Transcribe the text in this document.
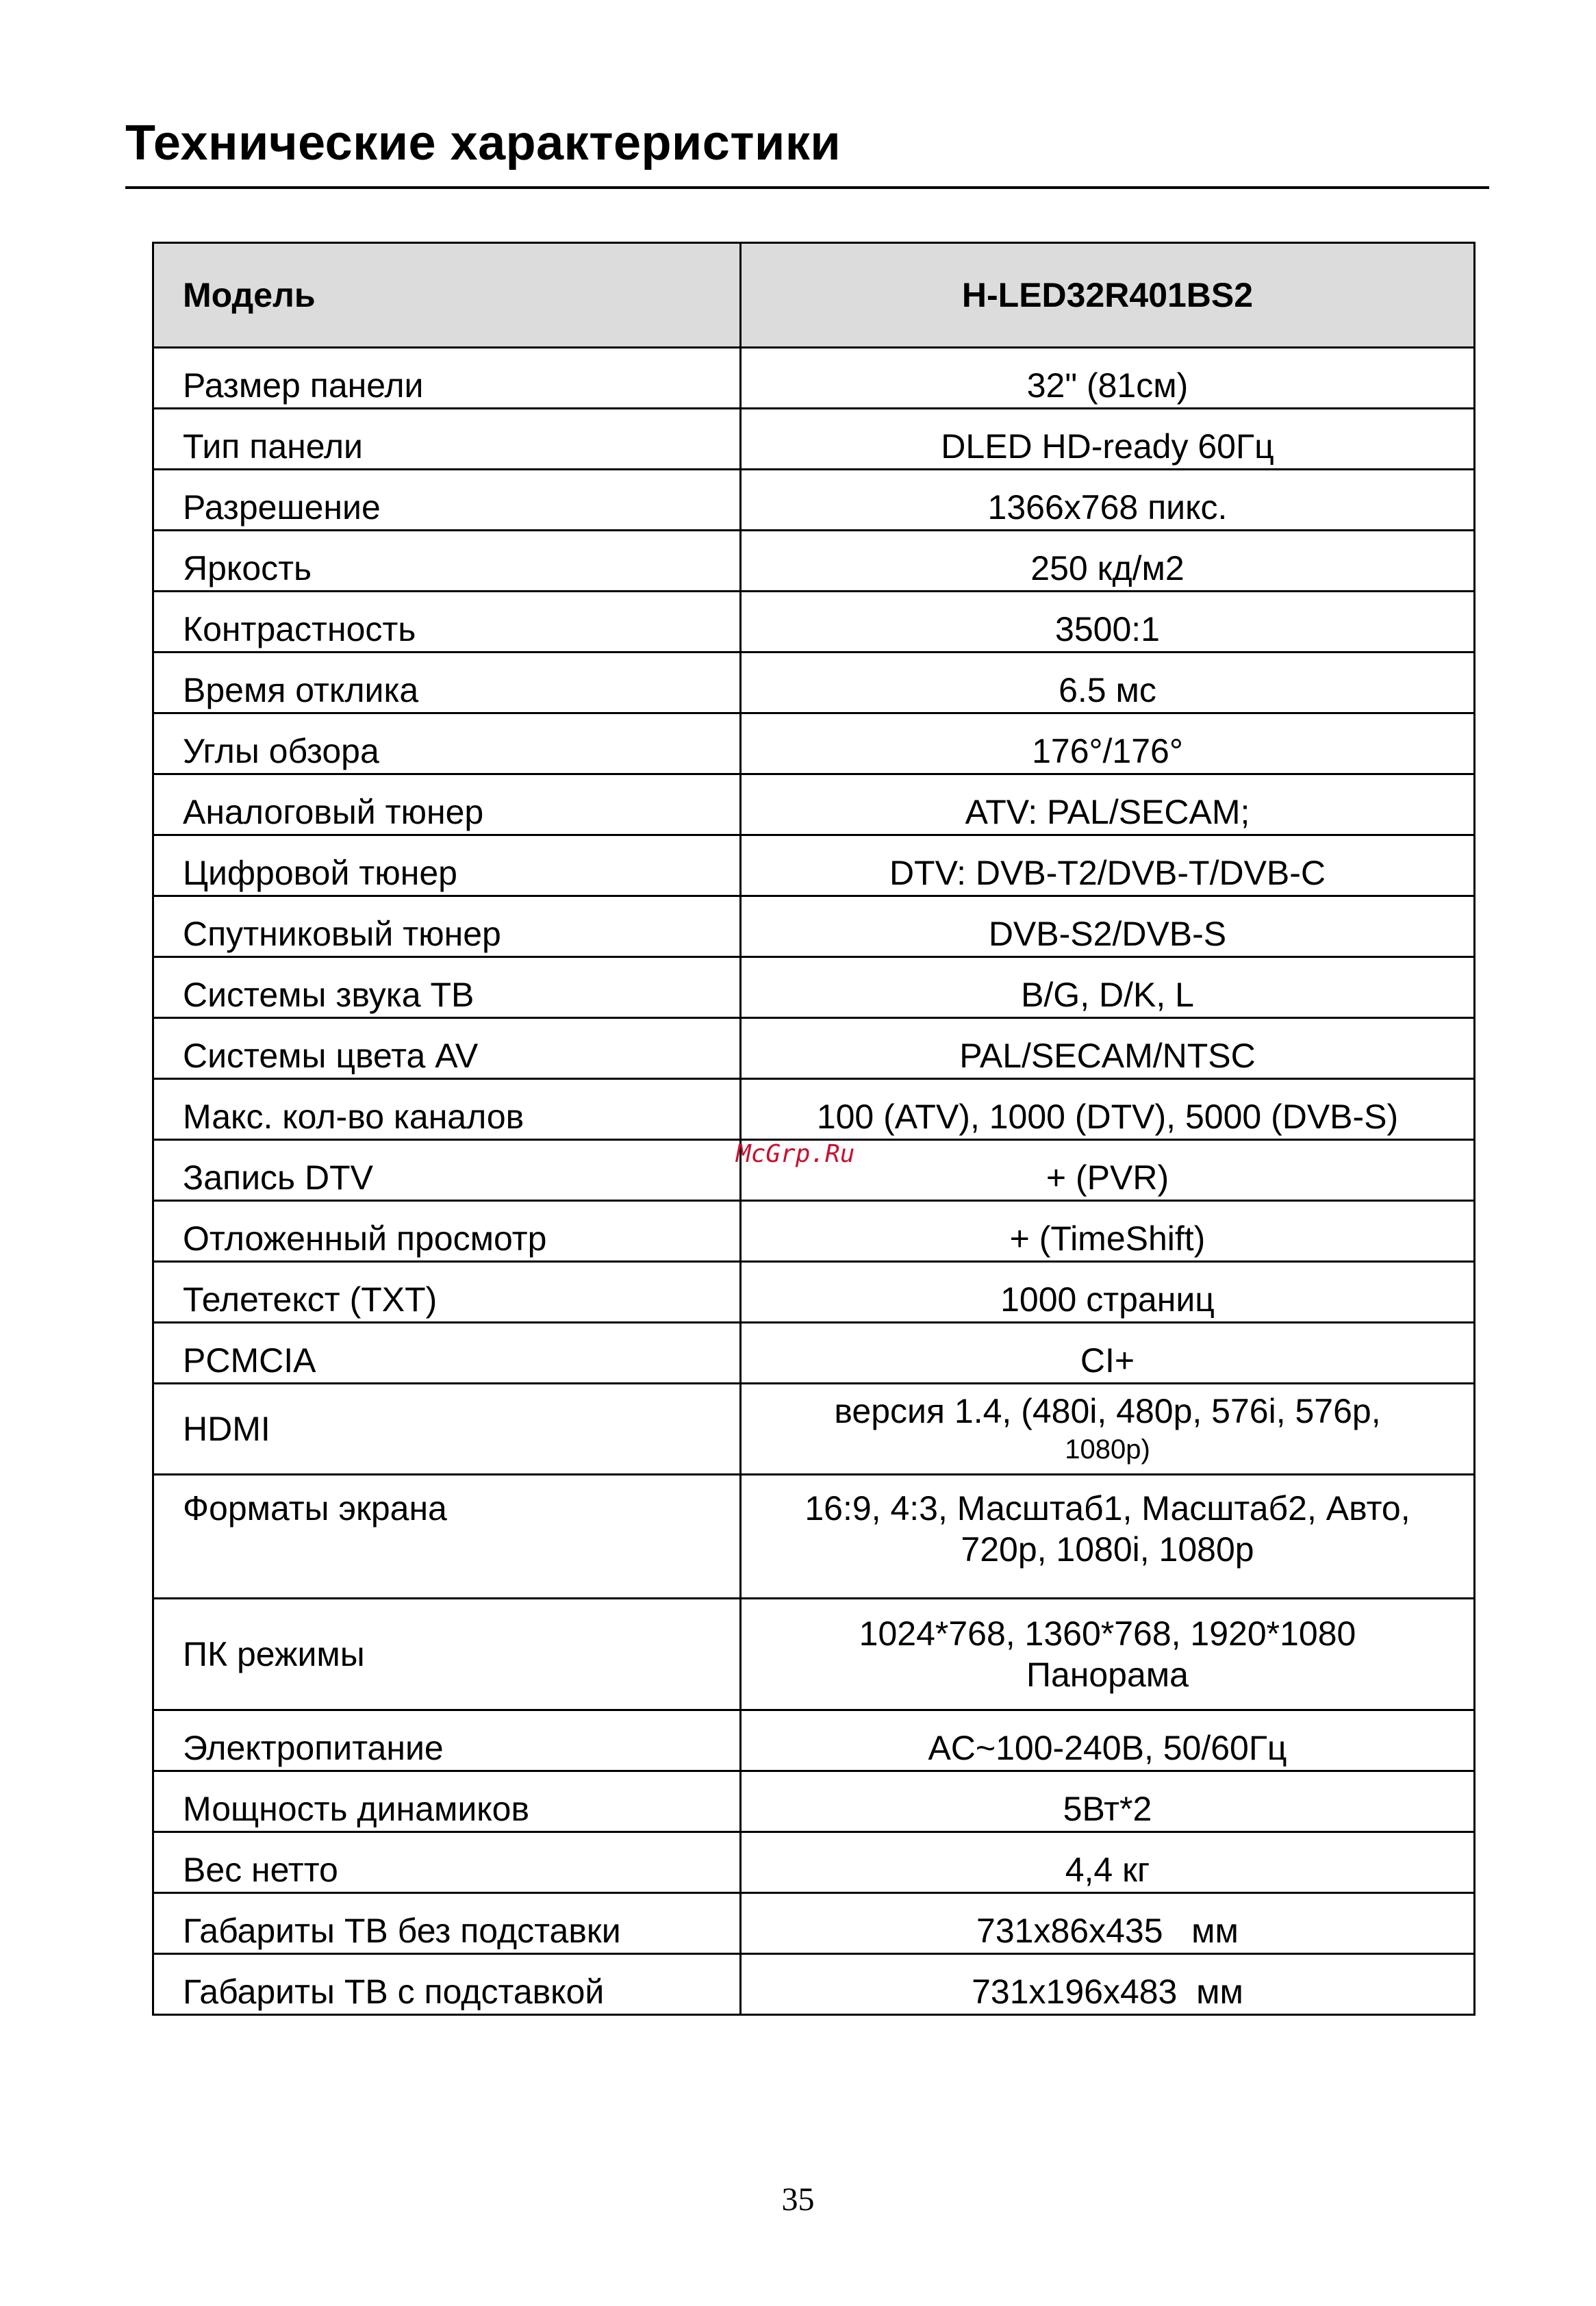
Технические характеристики
Модель	H-LED32R401BS2
Размер панели	32" (81см)
Тип панели	DLED HD-ready 60Гц
Разрешение	1366x768 пикс.
Яркость	250 кд/м2
Контрастность	3500:1
Время отклика	6.5 мс
Углы обзора	176°/176°
Аналоговый тюнер	ATV: PAL/SECAM;
Цифровой тюнер	DTV: DVB-T2/DVB-T/DVB-C
Спутниковый тюнер	DVB-S2/DVB-S
Системы звука ТВ	B/G, D/K, L
Системы цвета AV	PAL/SECAM/NTSC
Макс. кол-во каналов	100 (ATV), 1000 (DTV), 5000 (DVB-S)
Запись DTV	+ (PVR)
Отложенный просмотр	+ (TimeShift)
Телетекст (TXT)	1000 страниц
PCMCIA	CI+
HDMI	версия 1.4, (480i, 480p, 576i, 576p,
1080p)

Форматы экрана	16:9, 4:3, Масштаб1, Масштаб2, Авто,
720p, 1080i, 1080p

ПК режимы	1024*768, 1360*768, 1920*1080
Панорама

Электропитание	AC~100-240В, 50/60Гц
Мощность динамиков	5Вт*2
Вес нетто	4,4 кг
Габариты ТВ без подставки	731x86x435   мм
Габариты ТВ с подставкой	731x196x483  мм
McGrp.Ru
35
